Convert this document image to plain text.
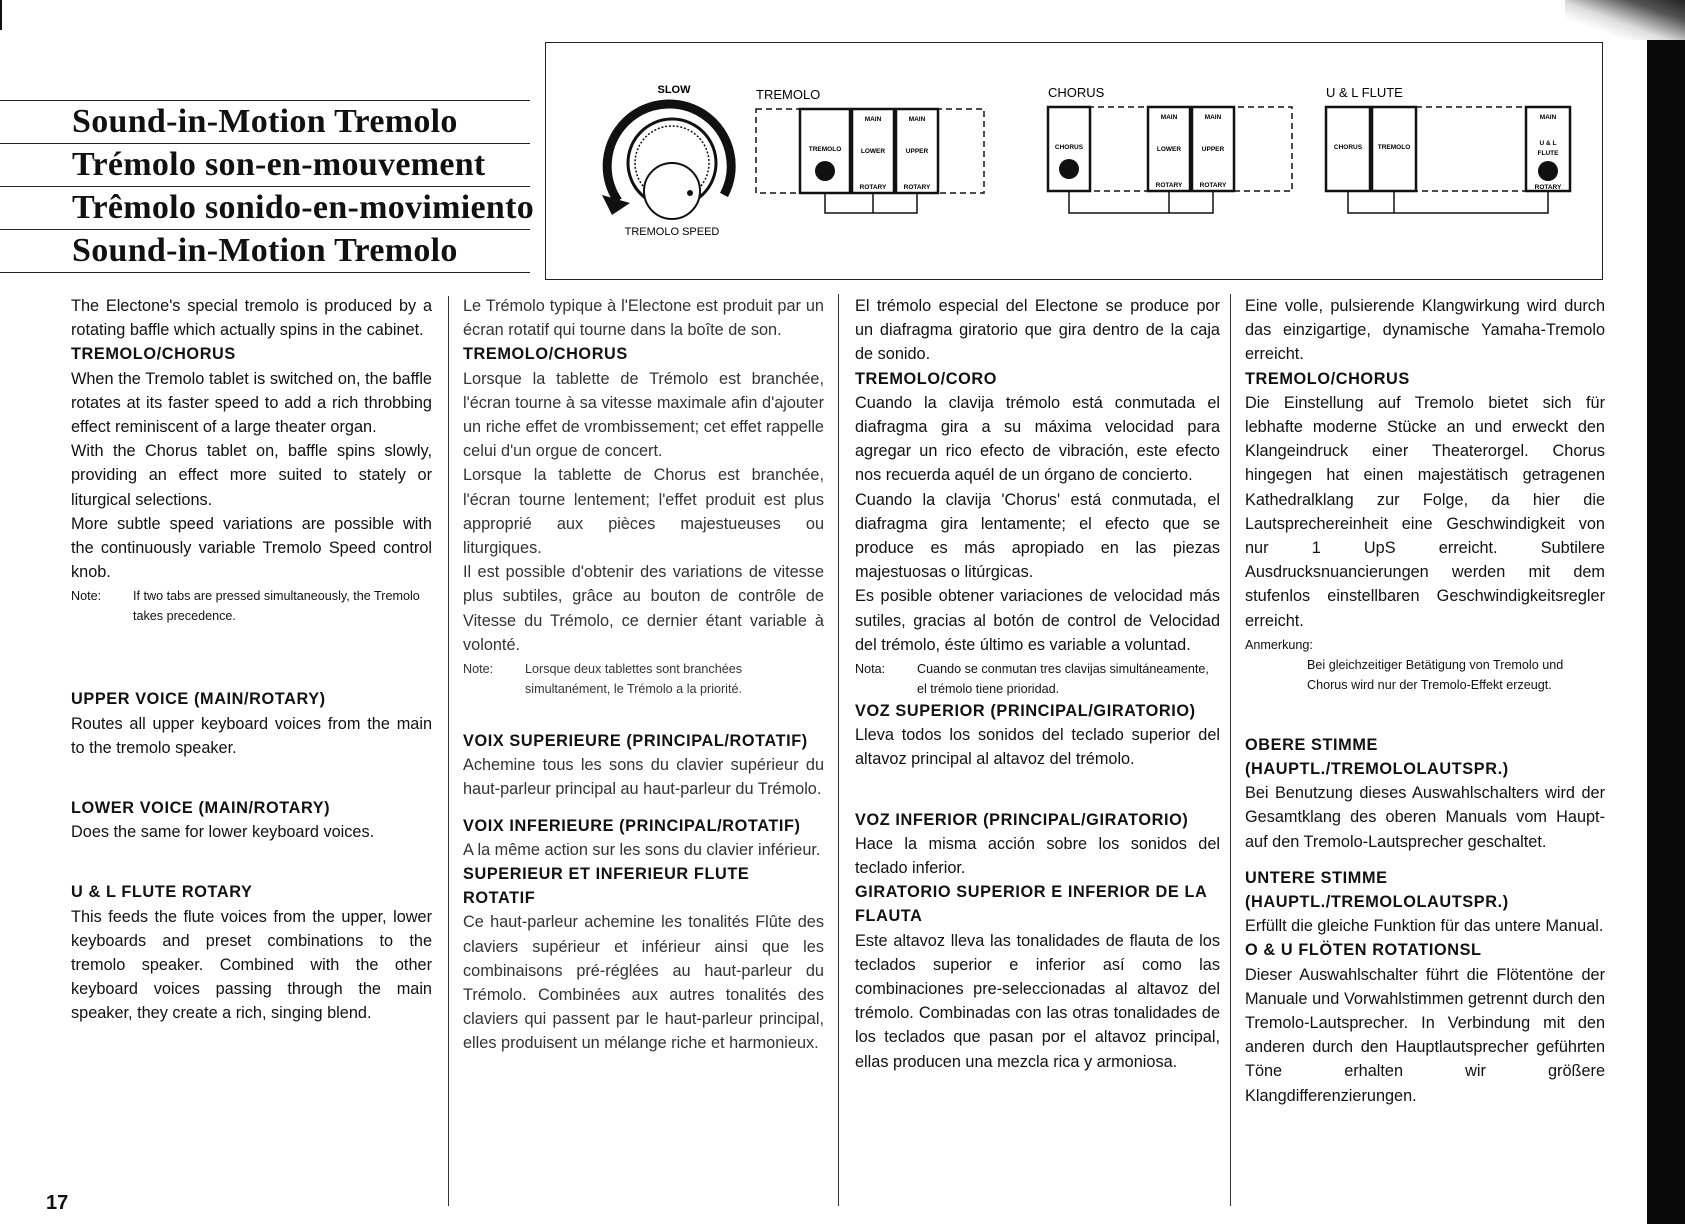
Sound-in-Motion Tremolo
Trémolo son-en-mouvement
Trêmolo sonido-en-movimiento
Sound-in-Motion Tremolo
SLOW
TREMOLO SPEED
TREMOLO
TREMOLO
MAIN
LOWER
ROTARY
MAIN
UPPER
ROTARY
CHORUS
CHORUS
MAIN
LOWER
ROTARY
MAIN
UPPER
ROTARY
U & L FLUTE
CHORUS TREMOLO
MAIN
U & L
FLUTE
ROTARY

The Electone's special tremolo is produced by a rotating baffle which actually spins in the cabinet.

TREMOLO/CHORUS

When the Tremolo tablet is switched on, the baffle rotates at its faster speed to add a rich throbbing effect reminiscent of a large theater organ.

With the Chorus tablet on, baffle spins slowly, providing an effect more suited to stately or liturgical selections.

More subtle speed variations are possible with the continuously variable Tremolo Speed control knob.

Note:	If two tabs are pressed simultaneously, the Tremolo takes precedence.
UPPER VOICE (MAIN/ROTARY)

Routes all upper keyboard voices from the main to the tremolo speaker.

LOWER VOICE (MAIN/ROTARY)

Does the same for lower keyboard voices.

U & L FLUTE ROTARY

This feeds the flute voices from the upper, lower keyboards and preset combinations to the tremolo speaker. Combined with the other keyboard voices passing through the main speaker, they create a rich, singing blend.

Le Trémolo typique à l'Electone est produit par un écran rotatif qui tourne dans la boîte de son.

TREMOLO/CHORUS

Lorsque la tablette de Trémolo est branchée, l'écran tourne à sa vitesse maximale afin d'ajouter un riche effet de vrombissement; cet effet rappelle celui d'un orgue de concert.

Lorsque la tablette de Chorus est branchée, l'écran tourne lentement; l'effet produit est plus approprié aux pièces majestueuses ou liturgiques.

Il est possible d'obtenir des variations de vitesse plus subtiles, grâce au bouton de contrôle de Vitesse du Trémolo, ce dernier étant variable à volonté.

Note:	Lorsque deux tablettes sont branchées simultanément, le Trémolo a la priorité.
VOIX SUPERIEURE (PRINCIPAL/ROTATIF)

Achemine tous les sons du clavier supérieur du haut-parleur principal au haut-parleur du Trémolo.

VOIX INFERIEURE (PRINCIPAL/ROTATIF)

A la même action sur les sons du clavier inférieur.

SUPERIEUR ET INFERIEUR FLUTE ROTATIF

Ce haut-parleur achemine les tonalités Flûte des claviers supérieur et inférieur ainsi que les combinaisons pré-réglées au haut-parleur du Trémolo. Combinées aux autres tonalités des claviers qui passent par le haut-parleur principal, elles produisent un mélange riche et harmonieux.

El trémolo especial del Electone se produce por un diafragma giratorio que gira dentro de la caja de sonido.

TREMOLO/CORO

Cuando la clavija trémolo está conmutada el diafragma gira a su máxima velocidad para agregar un rico efecto de vibración, este efecto nos recuerda aquél de un órgano de concierto.

Cuando la clavija 'Chorus' está conmutada, el diafragma gira lentamente; el efecto que se produce es más apropiado en las piezas majestuosas o litúrgicas.

Es posible obtener variaciones de velocidad más sutiles, gracias al botón de control de Velocidad del trémolo, éste último es variable a voluntad.

Nota:	Cuando se conmutan tres clavijas simultáneamente, el trémolo tiene prioridad.
VOZ SUPERIOR (PRINCIPAL/GIRATORIO)

Lleva todos los sonidos del teclado superior del altavoz principal al altavoz del trémolo.

VOZ INFERIOR (PRINCIPAL/GIRATORIO)

Hace la misma acción sobre los sonidos del teclado inferior.

GIRATORIO SUPERIOR E INFERIOR DE LA FLAUTA

Este altavoz lleva las tonalidades de flauta de los teclados superior e inferior así como las combinaciones pre-seleccionadas al altavoz del trémolo. Combinadas con las otras tonalidades de los teclados que pasan por el altavoz principal, ellas producen una mezcla rica y armoniosa.

Eine volle, pulsierende Klangwirkung wird durch das einzigartige, dynamische Yamaha-Tremolo erreicht.

TREMOLO/CHORUS

Die Einstellung auf Tremolo bietet sich für lebhafte moderne Stücke an und erweckt den Klangeindruck einer Theaterorgel. Chorus hingegen hat einen majestätisch getragenen Kathedralklang zur Folge, da hier die Lautsprechereinheit eine Geschwindigkeit von nur 1 UpS erreicht. Subtilere Ausdrucksnuancierungen werden mit dem stufenlos einstellbaren Geschwindigkeitsregler erreicht.

Anmerkung:
Bei gleichzeitiger Betätigung von Tremolo und Chorus wird nur der Tremolo-Effekt erzeugt.
OBERE STIMME (HAUPTL./TREMOLOLAUTSPR.)

Bei Benutzung dieses Auswahlschalters wird der Gesamtklang des oberen Manuals vom Haupt- auf den Tremolo-Lautsprecher geschaltet.

UNTERE STIMME (HAUPTL./TREMOLOLAUTSPR.)

Erfüllt die gleiche Funktion für das untere Manual.

O & U FLÖTEN ROTATIONSL

Dieser Auswahlschalter führt die Flötentöne der Manuale und Vorwahlstimmen getrennt durch den Tremolo-Lautsprecher. In Verbindung mit den anderen durch den Hauptlautsprecher geführten Töne erhalten wir größere Klangdifferenzierungen.

17
